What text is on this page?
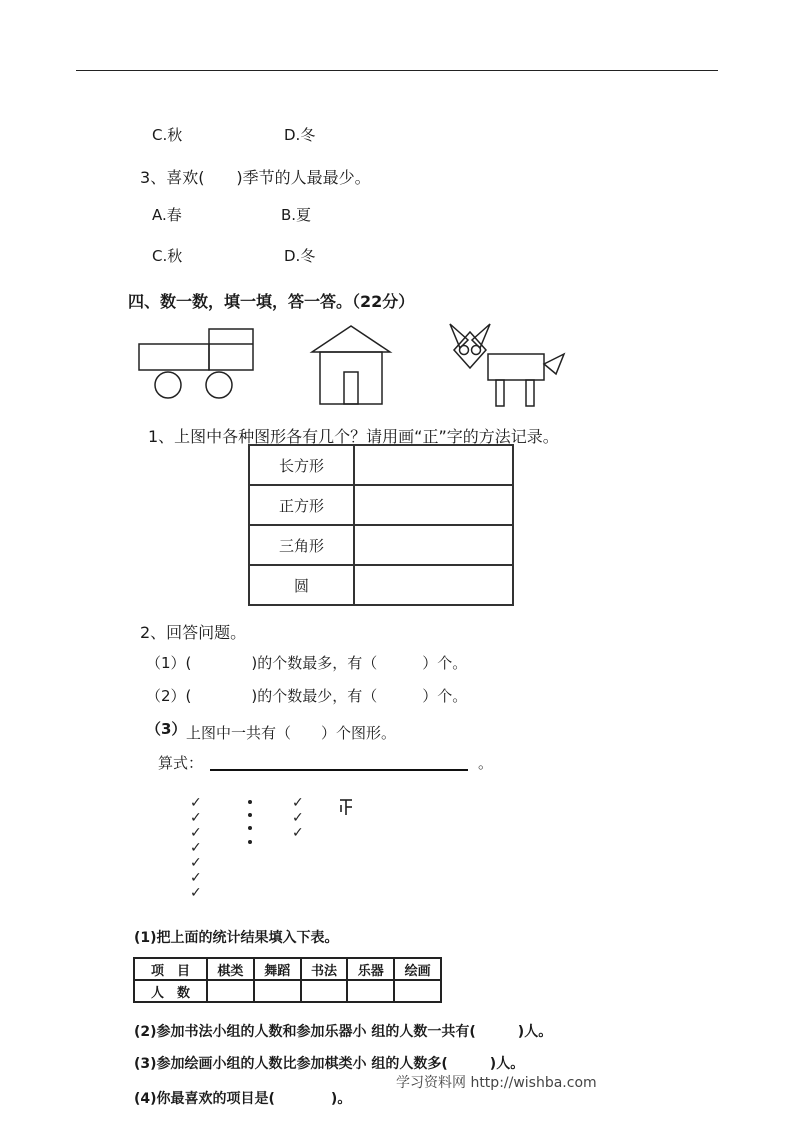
C.秋	D.冬
3、喜欢(　　)季节的人最最少。
A.春	B.夏
C.秋	D.冬
四、数一数，填一填，答一答。（22分）
1、上图中各种图形各有几个？请用画“正”字的方法记录。
长方形	
正方形	
三角形	
圆	
2、回答问题。
（1）(　　　　)的个数最多，有（　　　）个。
（2）(　　　　)的个数最少，有（　　　）个。
（3） 上图中一共有（　　）个图形。
算式：	。
✓
✓
✓
✓
✓
✓
✓
✓
✓
✓
(1)把上面的统计结果填入下表。
项　目	棋类	舞蹈	书法	乐器	绘画
人　数					
(2)参加书法小组的人数和参加乐器小 组的人数一共有(　　　)人。
(3)参加绘画小组的人数比参加棋类小 组的人数多(　　　)人。
(4)你最喜欢的项目是(　　　　)。
学习资料网 http://wishba.com
